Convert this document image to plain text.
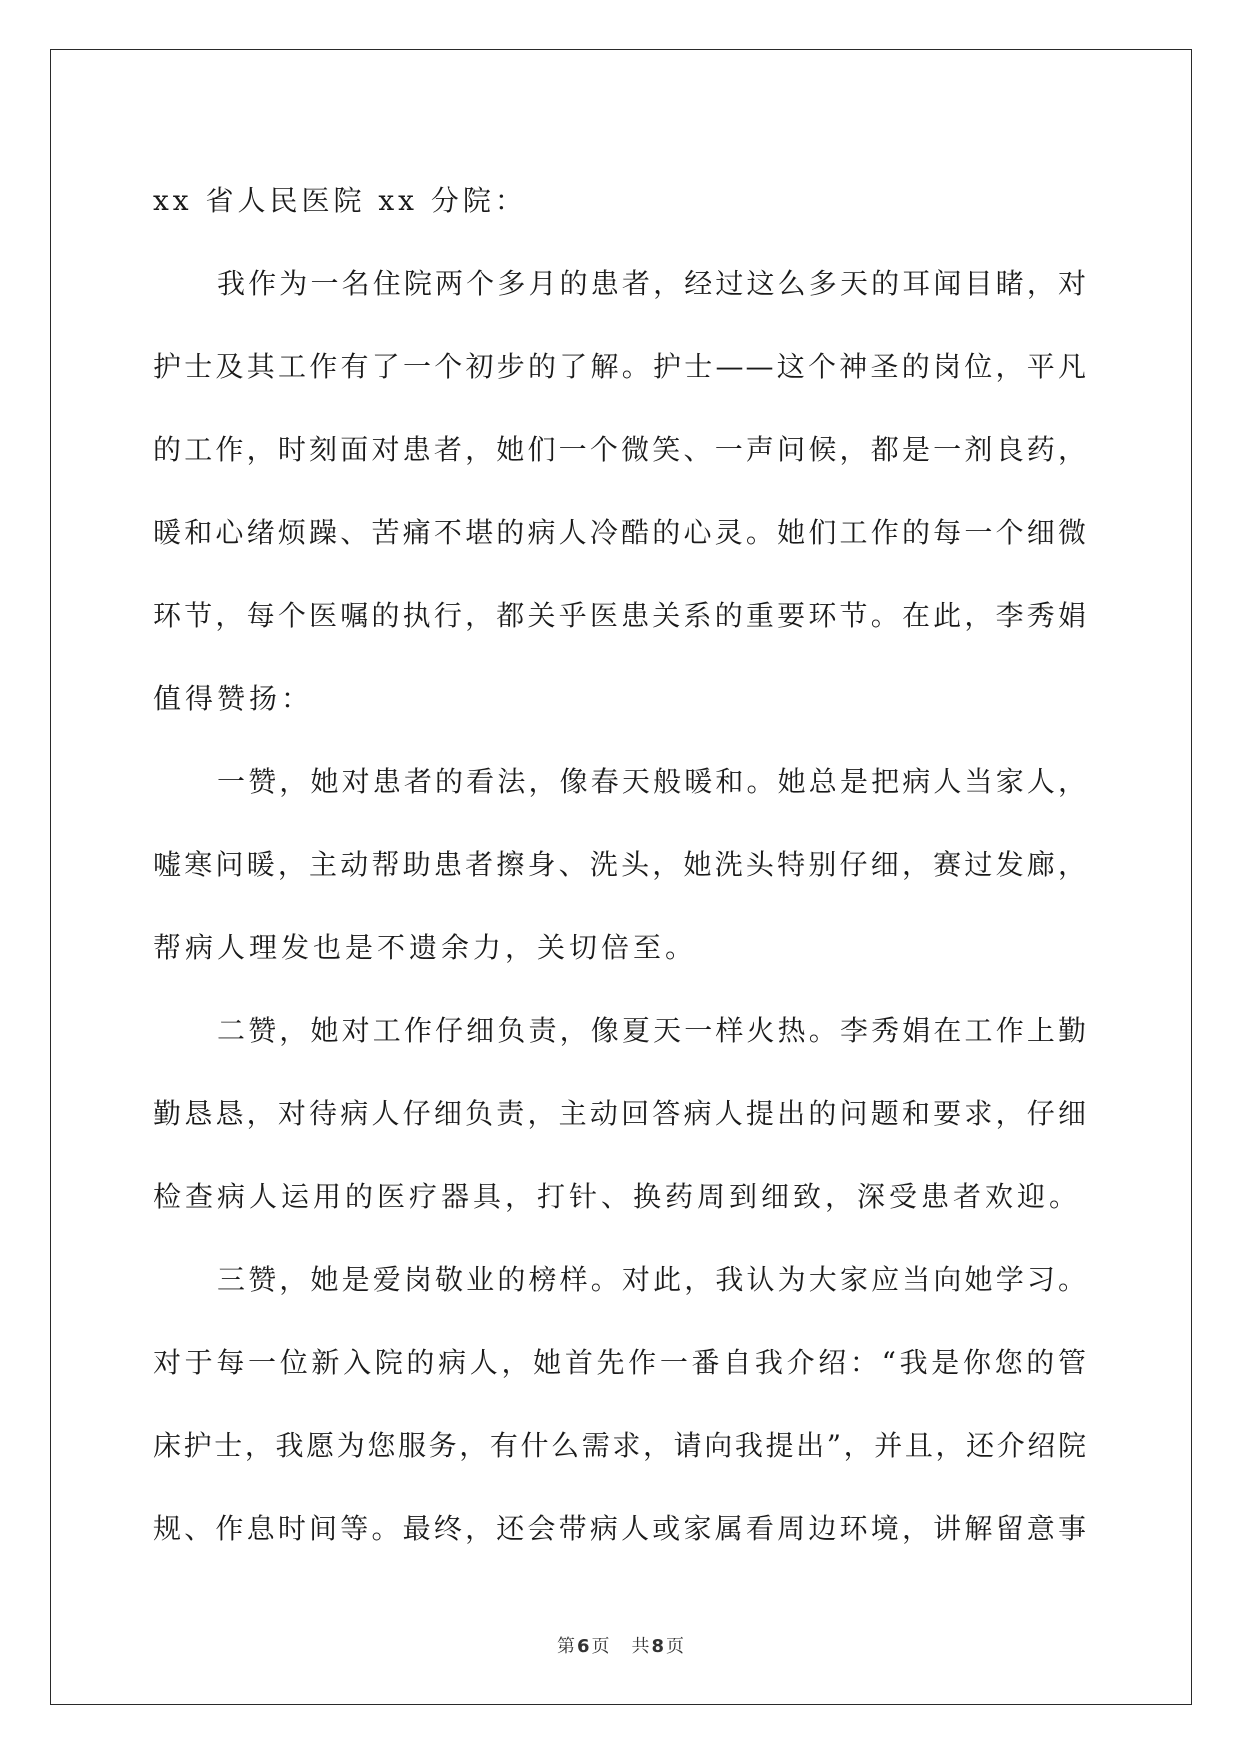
xx 省人民医院 xx 分院：
我作为一名住院两个多月的患者，经过这么多天的耳闻目睹，对
护士及其工作有了一个初步的了解。护士——这个神圣的岗位，平凡
的工作，时刻面对患者，她们一个微笑、一声问候，都是一剂良药，
暖和心绪烦躁、苦痛不堪的病人冷酷的心灵。她们工作的每一个细微
环节，每个医嘱的执行，都关乎医患关系的重要环节。在此，李秀娟
值得赞扬：
一赞，她对患者的看法，像春天般暖和。她总是把病人当家人，
嘘寒问暖，主动帮助患者擦身、洗头，她洗头特别仔细，赛过发廊，
帮病人理发也是不遗余力，关切倍至。
二赞，她对工作仔细负责，像夏天一样火热。李秀娟在工作上勤
勤恳恳，对待病人仔细负责，主动回答病人提出的问题和要求，仔细
检查病人运用的医疗器具，打针、换药周到细致，深受患者欢迎。
三赞，她是爱岗敬业的榜样。对此，我认为大家应当向她学习。
对于每一位新入院的病人，她首先作一番自我介绍：“我是你您的管
床护士，我愿为您服务，有什么需求，请向我提出”，并且，还介绍院
规、作息时间等。最终，还会带病人或家属看周边环境，讲解留意事
第 6 页 共 8 页
